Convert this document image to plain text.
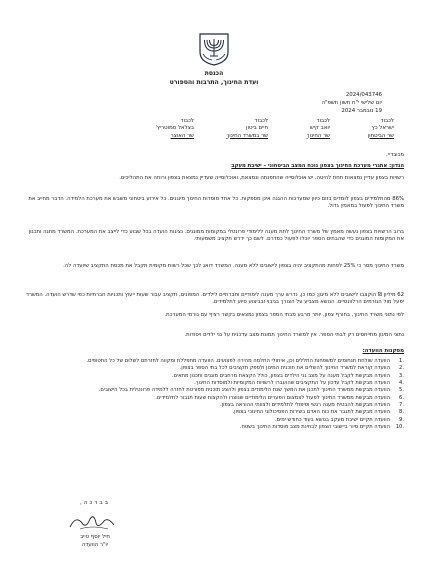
הכנסת
ועדת החינוך, התרבות והספורט
2024/043746
יום שלישי י"ח חשון תשפ"ה
19 נובמבר 2024
לכבוד
ישראל כץ
שר הביטחון
לכבוד
יואב קיש
שר החינוך
לכבוד
חיים ביטון
שר במשרד החינוך
לכבוד
בצלאל סמוטריץ'
שר האוצר
מכובדיי,
הנדון: אתגרי מערכת החינוך בצפון נוכח המצב הביטחוני – ישיבת מעקב

רשויות בצפון עדיין נמצאות תחת להיטה. יש אוכלוסייה שהתפנתה ונמצאת, ואוכלוסייה שעדיין נמצאת בצפון ורוחה את התהליכים.

86% מהתלמידים בצפון לומדים בזום כיוון שמערכות ההגנה אינן מספקות. כל אחד מוסדות החינוך מיוגנים. כל אירוע ביטחוני משבש את מערכת הלמידה. הדבר מחייב את משרד החינוך לפעול במאמץ גדול.

ברוב הרשויות בצפון נעשה מאמץ של משרד החינוך לתת מענה ללימודי פרונטלי במקומות ממוגנים. נציגות הועדה בכל שבוע כדי לייצב את המערכת. המשרד מתנה ותכנון את המקומות המוגנים כדי שהבתים הספר יוכלו לפעול כסדרם. לשם כך ידרש תקציב משמעותי.

משרד החינוך מסר כי 25% לפחות מהתקציב יהיה בצפון לישובים ללא מענה. המשרד דואג לכך שכל רשות מקומית תקבל את מכסת התקציב שיועדה לה.

62 מיליון ₪ הוקצבו לישובים ללא מיגון; כמו כן, נדרש ערך מענה לימודיים וחברתיים לילדים. המפונים, תקציב עבור שעות ייעוץ ותכניות חברתיות כפי שדרש הועדה. המשרד יפעל מול הגורמים הרלוונטיים. הנושא מצביע על הצורך בגיבוי ובביצוע סיוע לתלמידים.

לפי נתוני משרד החינוך, בחורף צפון, יותר מרבע מבתי הספר בצפון נמצאים בקשר רציף עם גורמי המערכת.

נתוני המיגון מתייחסים רק לבתי הספר. אין למשרד החינוך תמונת מצב עדכנית על גני ילדים ויסודות.

מסקנות הוועדה:
.1
הוועדה שולחת תנחומים למשפחות החללים וכן, איחולי החלמה מהירה לפצועים. הוועדה מתפללת ומקווה לחזרתם לשלום של כל החטופים.
.2
הוועדה קוראת למשרד החינוך להשלים את תוכנית המיגון ולספק תקציבים לכל בתי הספר בצפון.
.3
הוועדה מבקשת לקבל מענה על מצב גני הילדים בצפון, כולל הקצאת מרחבים מוגנים ותכנון מתאים.
.4
הוועדה מבקשת לקבל עדכון על התקציבים שהועברו לרשויות המקומיות ולמוסדות החינוך.
.5
הוועדה מבקשת ממשרד החינוך לתכנן את המשך שנת הלימודים בצפון ולהציג תוכנית מפורטת לחזרה ללמידה פרונטלית בכל הישובים.
.6
הוועדה מבקשת ממשרד החינוך לפעול לצמצום הפערים הלימודיים שנוצרו ולהקצות שעות תגבור לתלמידים.
.7
הוועדה מבקשת להבטיח מענה רגשי וטיפולי לתלמידים ולצוותי ההוראה בצפון.
.8
הוועדה מבקשת לתגבר את כוח האדם בשירות הפסיכולוגי החינוכי בצפון.
.9
הוועדה תקיים ישיבת מעקב בנושא בעוד כחודש ימים.
.10
הוועדה תקיים סיור ביישובי הצפון לבחינת מצב מוסדות החינוך בשטח.
בברכה,
חיל יוסף טייב
יו"ר הוועדה
